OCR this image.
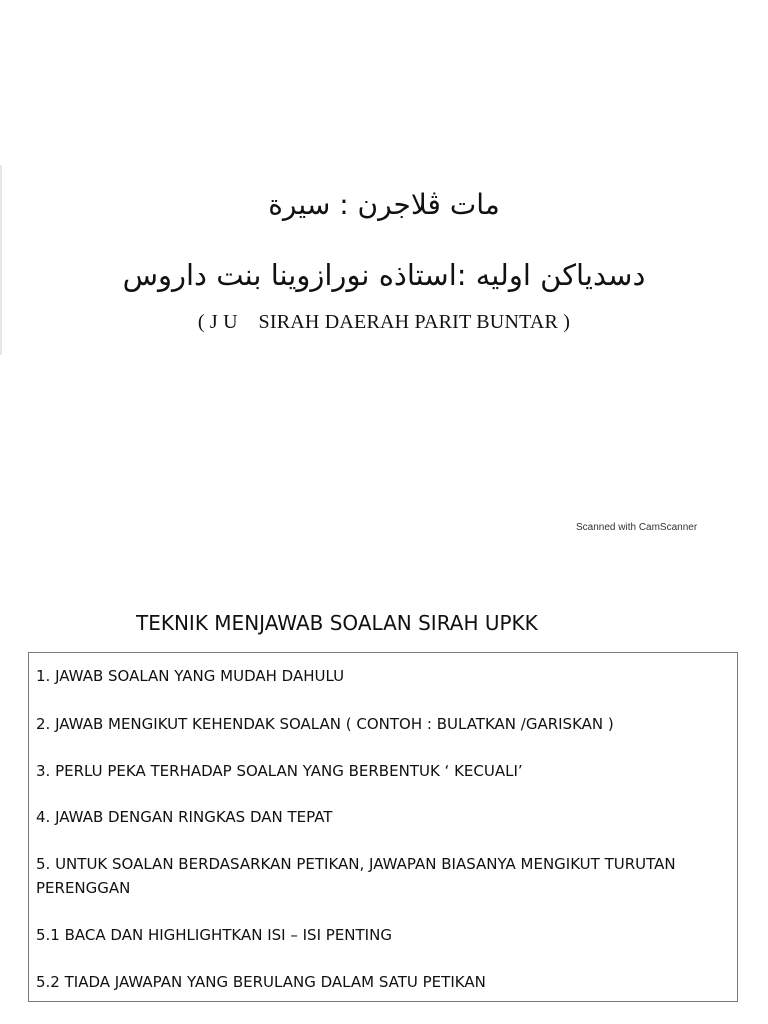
مات ڤلاجرن : سيرة
دسدياكن اوليه :استاذه نورازوينا بنت داروس
( J U    SIRAH DAERAH PARIT BUNTAR )
Scanned with CamScanner
TEKNIK MENJAWAB SOALAN SIRAH UPKK
1. JAWAB SOALAN YANG MUDAH DAHULU
2. JAWAB MENGIKUT KEHENDAK SOALAN ( CONTOH : BULATKAN /GARISKAN )
3. PERLU PEKA TERHADAP SOALAN YANG BERBENTUK ‘ KECUALI’
4. JAWAB DENGAN RINGKAS DAN TEPAT
5. UNTUK SOALAN BERDASARKAN PETIKAN, JAWAPAN BIASANYA MENGIKUT TURUTAN PERENGGAN
5.1 BACA DAN HIGHLIGHTKAN ISI – ISI PENTING
5.2 TIADA JAWAPAN YANG BERULANG DALAM SATU PETIKAN
